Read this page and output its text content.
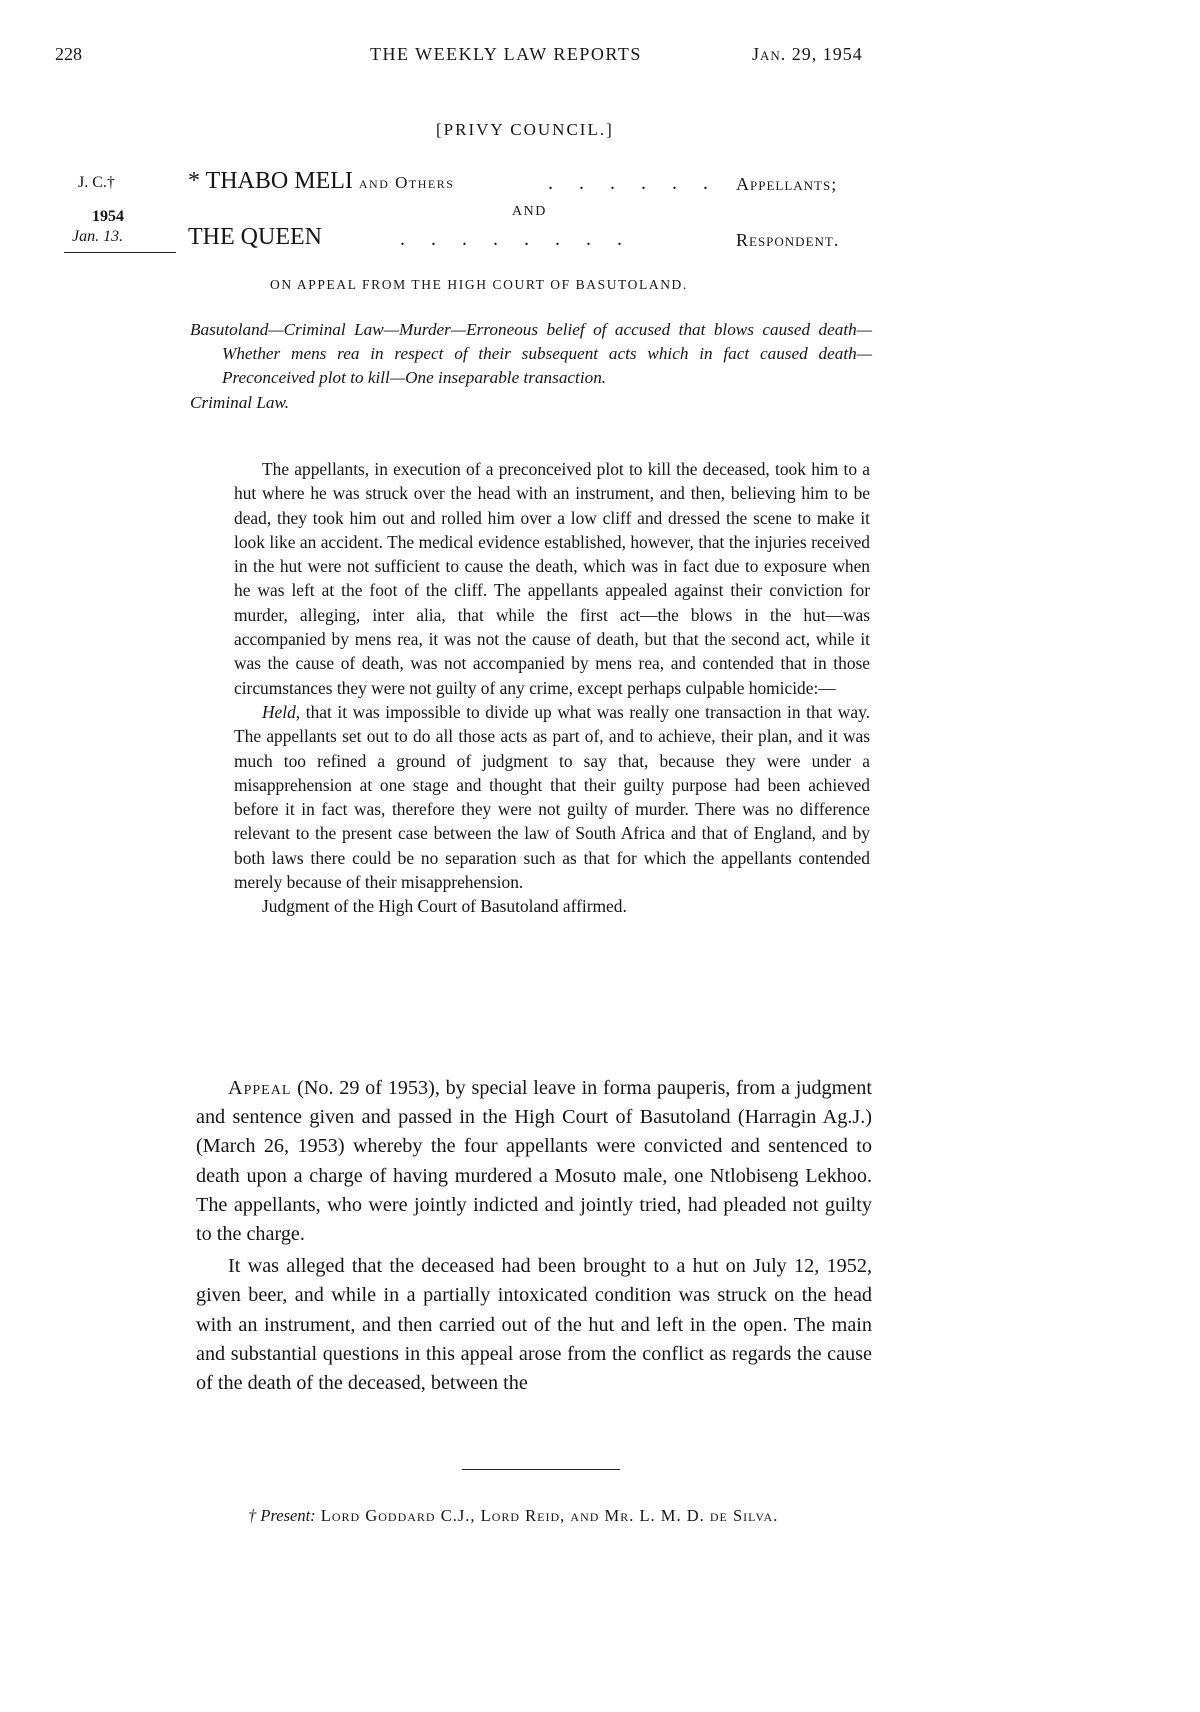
228	THE WEEKLY LAW REPORTS	Jan. 29, 1954
[PRIVY COUNCIL.]
J. C.†
1954
Jan. 13.
* THABO MELI and Others	...... Appellants;
AND
THE QUEEN	........	Respondent.
ON APPEAL FROM THE HIGH COURT OF BASUTOLAND.
Basutoland—Criminal Law—Murder—Erroneous belief of accused that blows caused death—Whether mens rea in respect of their subsequent acts which in fact caused death—Preconceived plot to kill—One inseparable transaction.
Criminal Law.

The appellants, in execution of a preconceived plot to kill the deceased, took him to a hut where he was struck over the head with an instrument, and then, believing him to be dead, they took him out and rolled him over a low cliff and dressed the scene to make it look like an accident. The medical evidence established, however, that the injuries received in the hut were not sufficient to cause the death, which was in fact due to exposure when he was left at the foot of the cliff. The appellants appealed against their conviction for murder, alleging, inter alia, that while the first act—the blows in the hut—was accompanied by mens rea, it was not the cause of death, but that the second act, while it was the cause of death, was not accompanied by mens rea, and contended that in those circumstances they were not guilty of any crime, except perhaps culpable homicide:—

Held, that it was impossible to divide up what was really one transaction in that way. The appellants set out to do all those acts as part of, and to achieve, their plan, and it was much too refined a ground of judgment to say that, because they were under a misapprehension at one stage and thought that their guilty purpose had been achieved before it in fact was, therefore they were not guilty of murder. There was no difference relevant to the present case between the law of South Africa and that of England, and by both laws there could be no separation such as that for which the appellants contended merely because of their misapprehension.

Judgment of the High Court of Basutoland affirmed.

Appeal (No. 29 of 1953), by special leave in forma pauperis, from a judgment and sentence given and passed in the High Court of Basutoland (Harragin Ag.J.) (March 26, 1953) whereby the four appellants were convicted and sentenced to death upon a charge of having murdered a Mosuto male, one Ntlobiseng Lekhoo. The appellants, who were jointly indicted and jointly tried, had pleaded not guilty to the charge.

It was alleged that the deceased had been brought to a hut on July 12, 1952, given beer, and while in a partially intoxicated condition was struck on the head with an instrument, and then carried out of the hut and left in the open. The main and substantial questions in this appeal arose from the conflict as regards the cause of the death of the deceased, between the

† Present: Lord Goddard C.J., Lord Reid, and Mr. L. M. D. de Silva.
